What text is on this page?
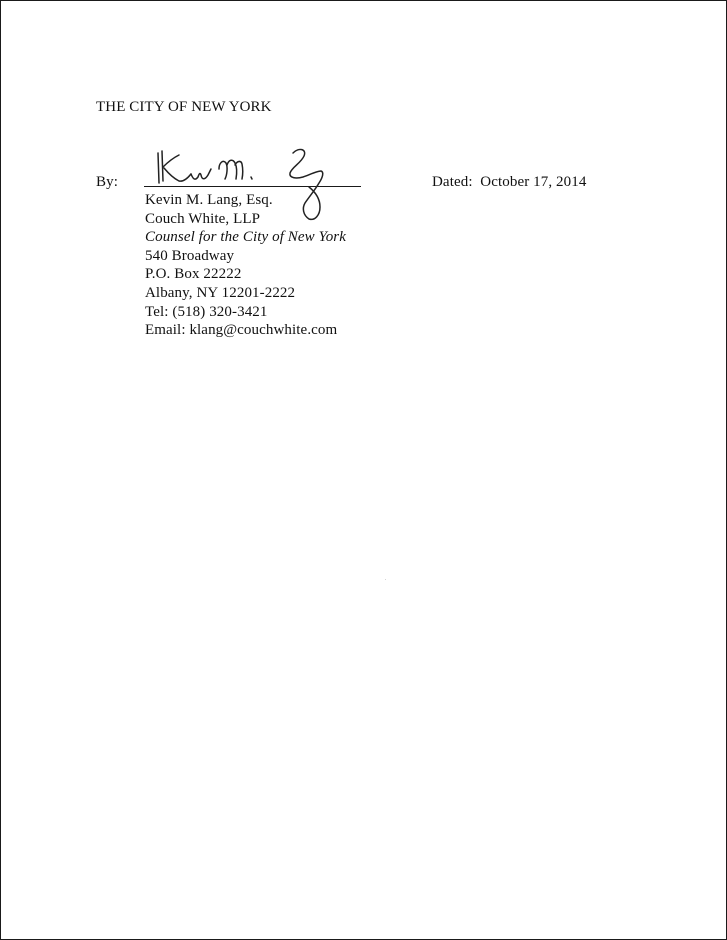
THE CITY OF NEW YORK
By:	Dated: October 17, 2014
Kevin M. Lang, Esq.
Couch White, LLP
Counsel for the City of New York
540 Broadway
P.O. Box 22222
Albany, NY 12201-2222
Tel: (518) 320-3421
Email: klang@couchwhite.com
